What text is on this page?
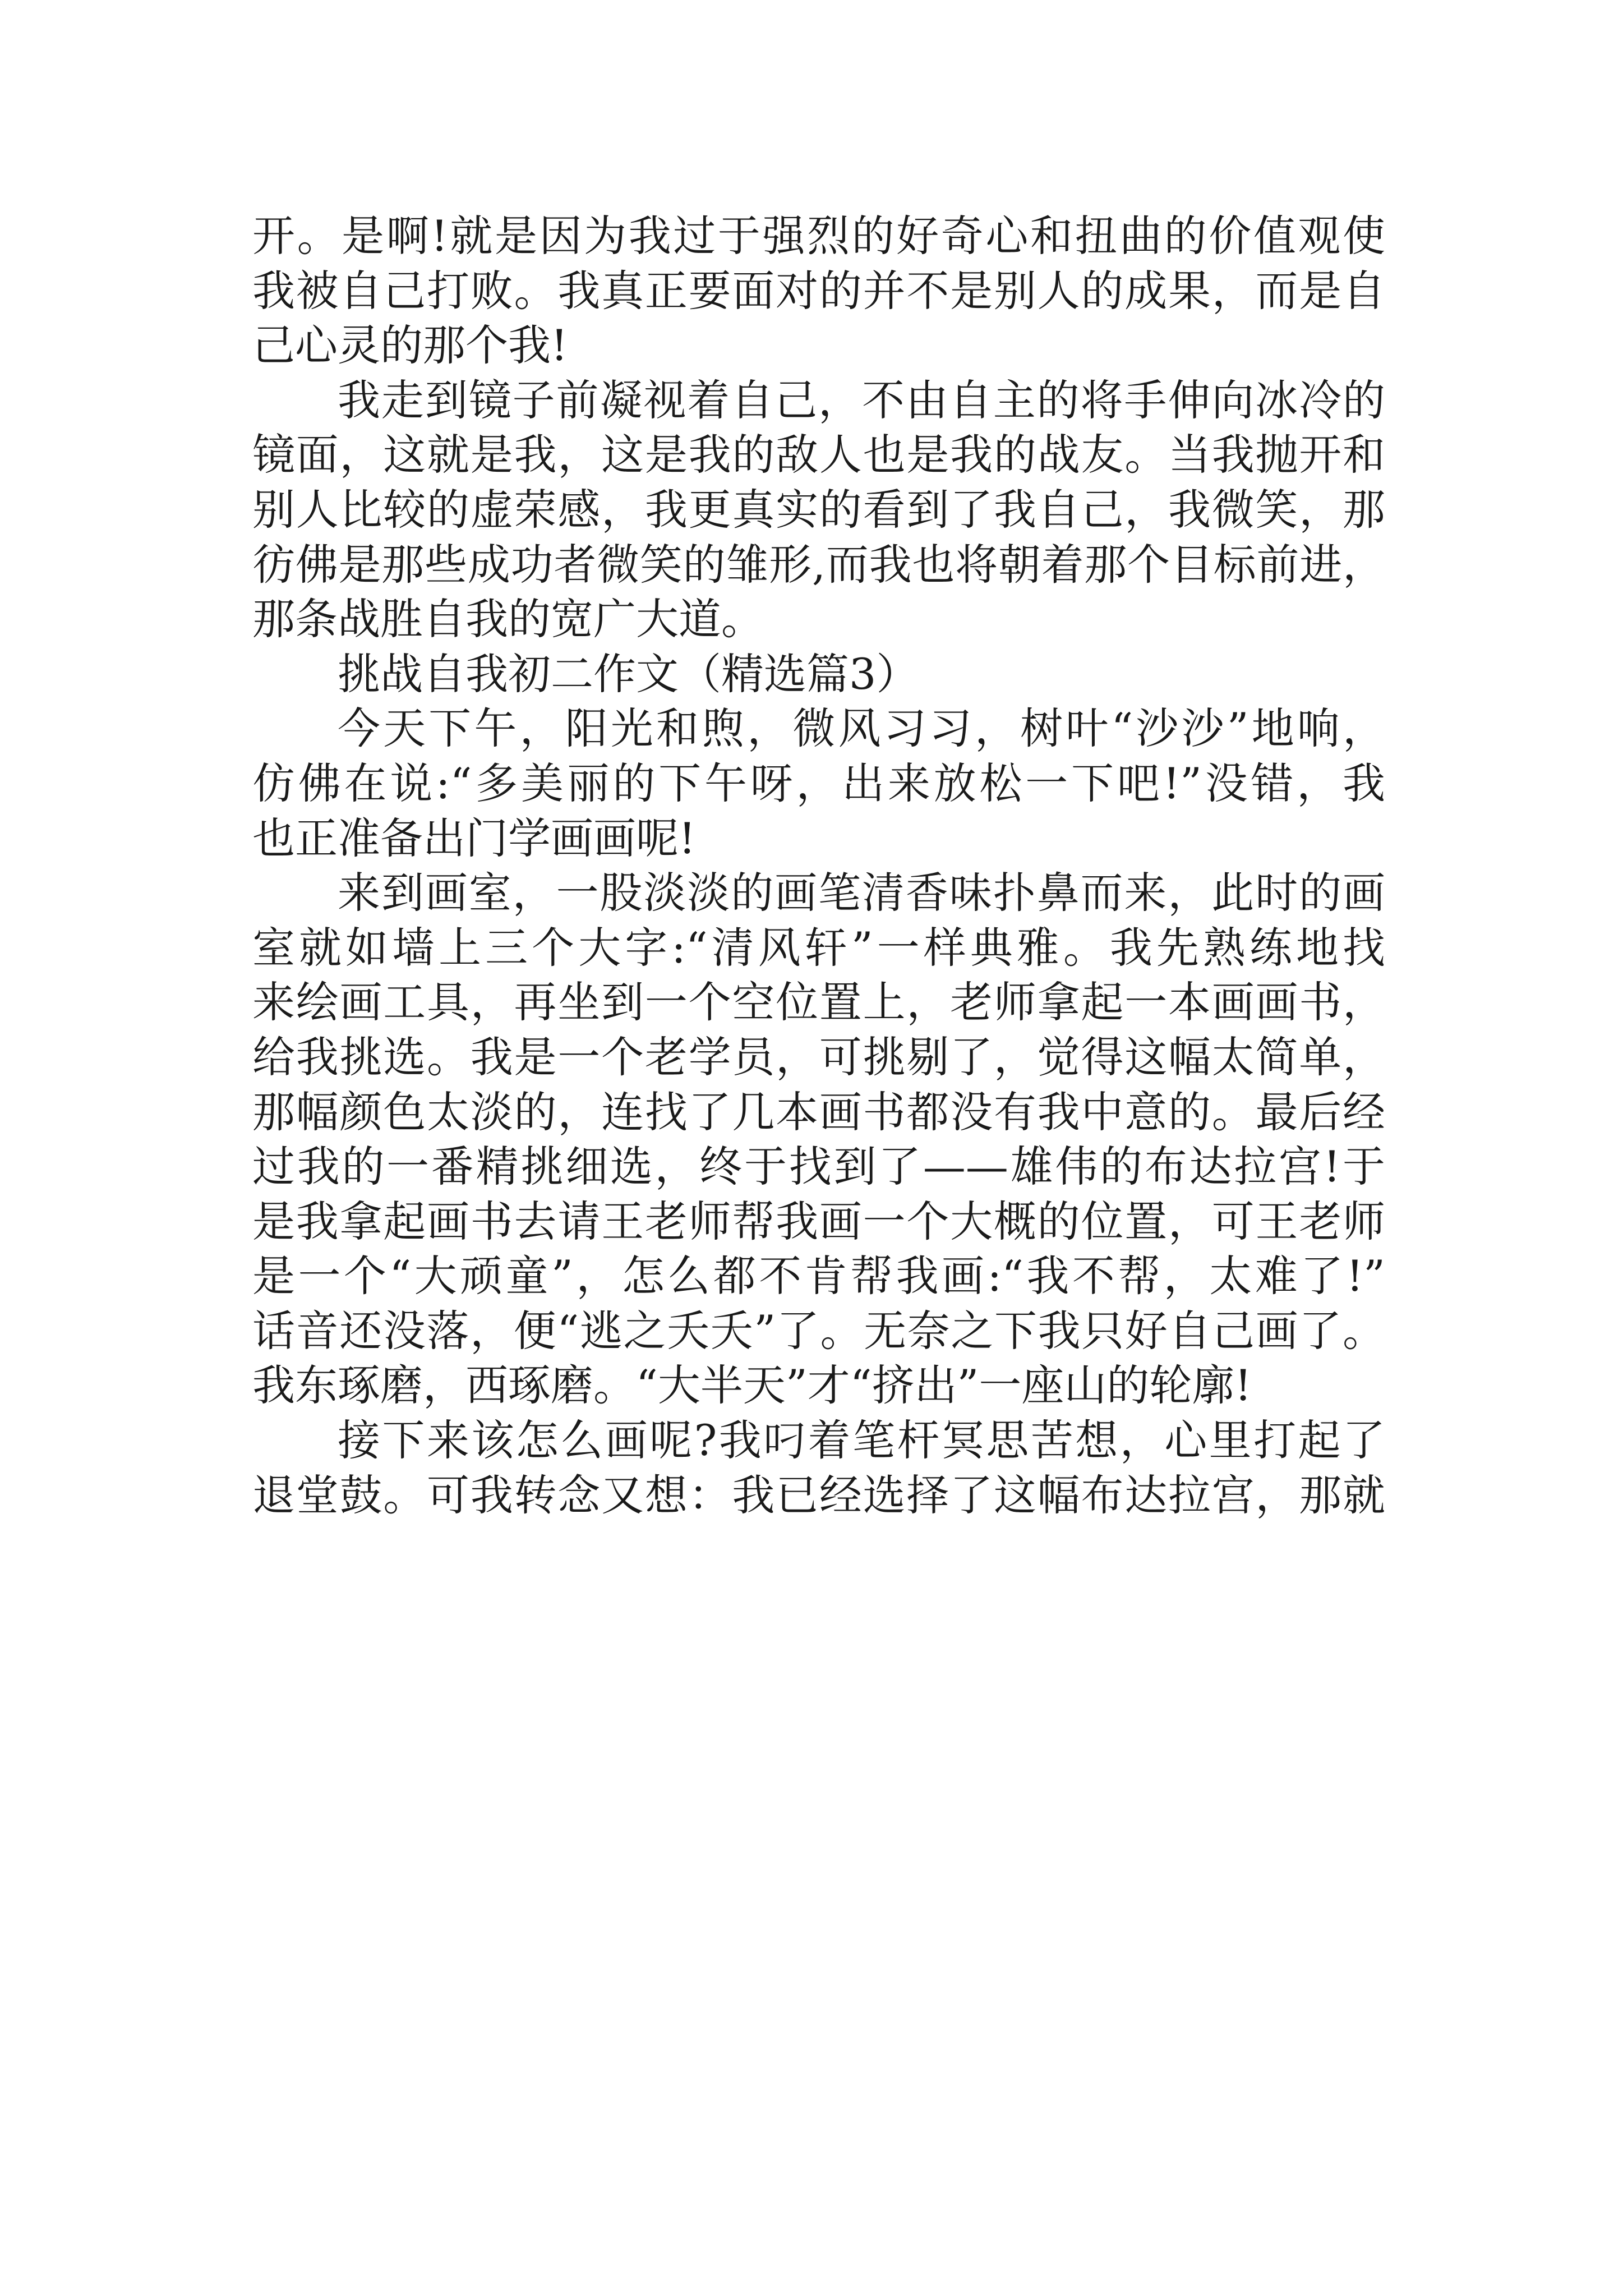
开。是啊!就是因为我过于强烈的好奇心和扭曲的价值观使
我被自己打败。我真正要面对的并不是别人的成果，而是自
己心灵的那个我!
我走到镜子前凝视着自己，不由自主的将手伸向冰冷的
镜面，这就是我，这是我的敌人也是我的战友。当我抛开和
别人比较的虚荣感，我更真实的看到了我自己，我微笑，那
彷佛是那些成功者微笑的雏形,而我也将朝着那个目标前进，
那条战胜自我的宽广大道。
挑战自我初二作文（精选篇3）
今天下午，阳光和煦，微风习习，树叶“沙沙”地响，
仿佛在说:“多美丽的下午呀，出来放松一下吧!”没错，我
也正准备出门学画画呢!
来到画室，一股淡淡的画笔清香味扑鼻而来，此时的画
室就如墙上三个大字:“清风轩”一样典雅。我先熟练地找
来绘画工具，再坐到一个空位置上，老师拿起一本画画书，
给我挑选。我是一个老学员，可挑剔了，觉得这幅太简单，
那幅颜色太淡的，连找了几本画书都没有我中意的。最后经
过我的一番精挑细选，终于找到了——雄伟的布达拉宫!于
是我拿起画书去请王老师帮我画一个大概的位置，可王老师
是一个“大顽童”，怎么都不肯帮我画:“我不帮，太难了!”
话音还没落，便“逃之夭夭”了。无奈之下我只好自己画了。
我东琢磨，西琢磨。“大半天”才“挤出”一座山的轮廓!
接下来该怎么画呢?我叼着笔杆冥思苦想，心里打起了
退堂鼓。可我转念又想：我已经选择了这幅布达拉宫，那就
